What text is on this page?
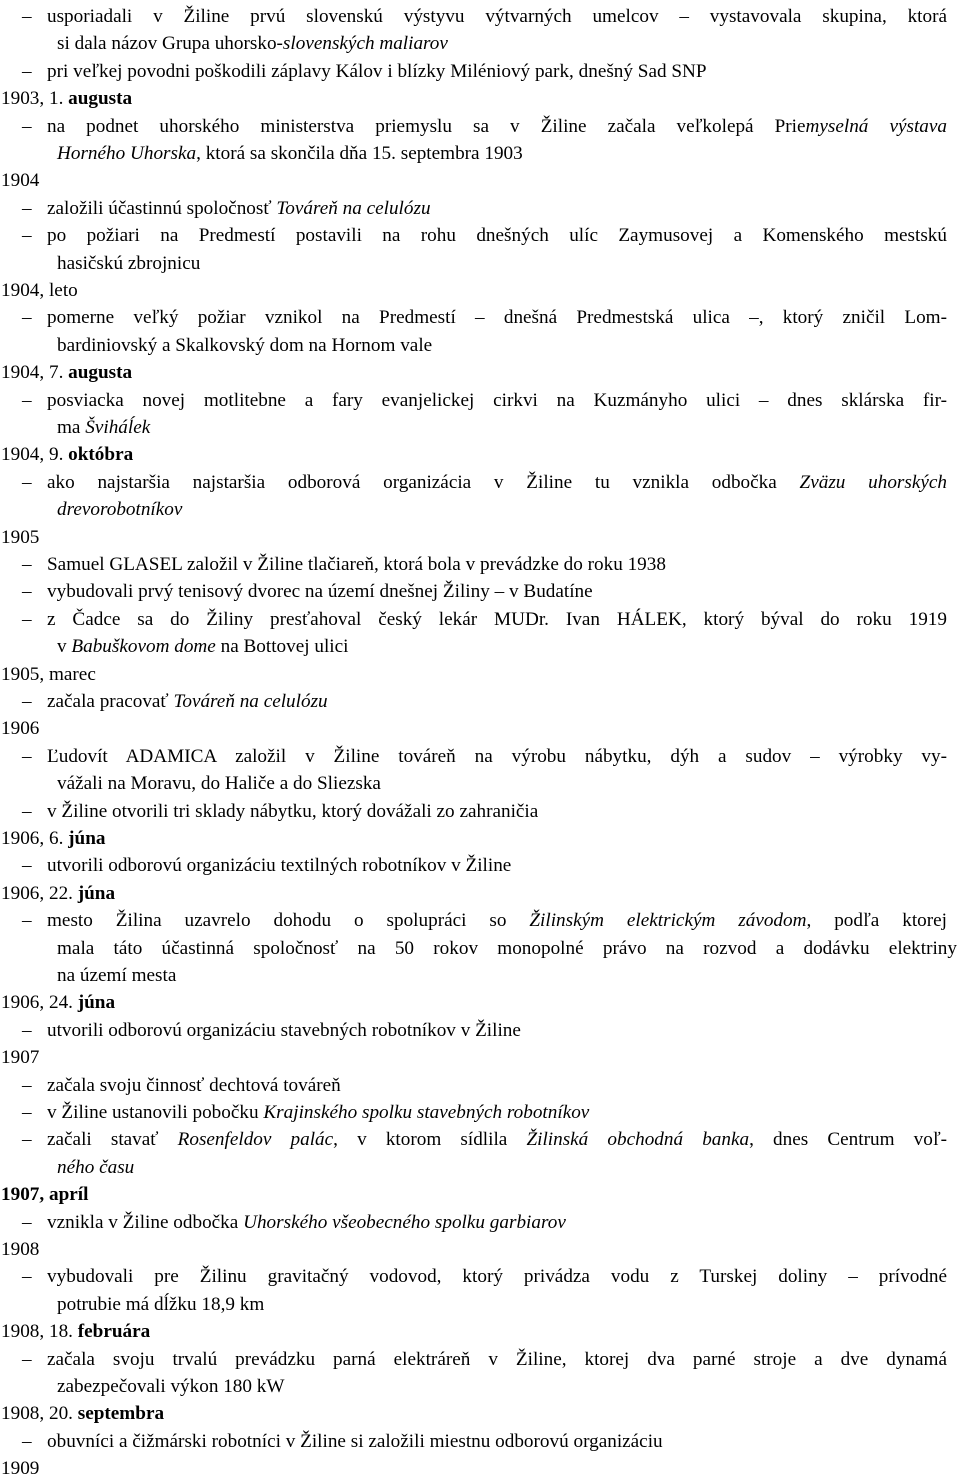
– usporiadali v Žiline prvú slovenskú výstyvu výtvarných umelcov – vystavovala skupina, ktorá
si dala názov Grupa uhorsko-slovenských maliarov
– pri veľkej povodni poškodili záplavy Kálov i blízky Miléniový park, dnešný Sad SNP
1903, 1. augusta
– na podnet uhorského ministerstva priemyslu sa v Žiline začala veľkolepá Priemyselná výstava
Horného Uhorska, ktorá sa skončila dňa 15. septembra 1903
1904
– založili účastinnú spoločnosť Továreň na celulózu
– po požiari na Predmestí postavili na rohu dnešných ulíc Zaymusovej a Komenského mestskú
hasičskú zbrojnicu
1904, leto
– pomerne veľký požiar vznikol na Predmestí – dnešná Predmestská ulica –, ktorý zničil Lom-
bardiniovský a Skalkovský dom na Hornom vale
1904, 7. augusta
– posviacka novej motlitebne a fary evanjelickej cirkvi na Kuzmányho ulici – dnes sklárska fir-
ma Šviháĺek
1904, 9. októbra
– ako najstaršia najstaršia odborová organizácia v Žiline tu vznikla odbočka Zväzu uhorských
drevorobotníkov
1905
– Samuel GLASEL založil v Žiline tlačiareň, ktorá bola v prevádzke do roku 1938
– vybudovali prvý tenisový dvorec na území dnešnej Žiliny – v Budatíne
– z Čadce sa do Žiliny presťahoval český lekár MUDr. Ivan HÁLEK, ktorý býval do roku 1919
v Babuškovom dome na Bottovej ulici
1905, marec
– začala pracovať Továreň na celulózu
1906
– Ľudovít ADAMICA založil v Žiline továreň na výrobu nábytku, dýh a sudov – výrobky vy-
vážali na Moravu, do Haliče a do Sliezska
– v Žiline otvorili tri sklady nábytku, ktorý dovážali zo zahraničia
1906, 6. júna
– utvorili odborovú organizáciu textilných robotníkov v Žiline
1906, 22. júna
– mesto Žilina uzavrelo dohodu o spolupráci so Žilinským elektrickým závodom, podľa ktorej
mala táto účastinná spoločnosť na 50 rokov monopolné právo na rozvod a dodávku elektriny
na území mesta
1906, 24. júna
– utvorili odborovú organizáciu stavebných robotníkov v Žiline
1907
– začala svoju činnosť dechtová továreň
– v Žiline ustanovili pobočku Krajinského spolku stavebných robotníkov
– začali stavať Rosenfeldov palác, v ktorom sídlila Žilinská obchodná banka, dnes Centrum voľ-
ného času
1907, apríl
– vznikla v Žiline odbočka Uhorského všeobecného spolku garbiarov
1908
– vybudovali pre Žilinu gravitačný vodovod, ktorý privádza vodu z Turskej doliny – prívodné
potrubie má dĺžku 18,9 km
1908, 18. februára
– začala svoju trvalú prevádzku parná elektráreň v Žiline, ktorej dva parné stroje a dve dynamá
zabezpečovali výkon 180 kW
1908, 20. septembra
– obuvníci a čižmárski robotníci v Žiline si založili miestnu odborovú organizáciu
1909
